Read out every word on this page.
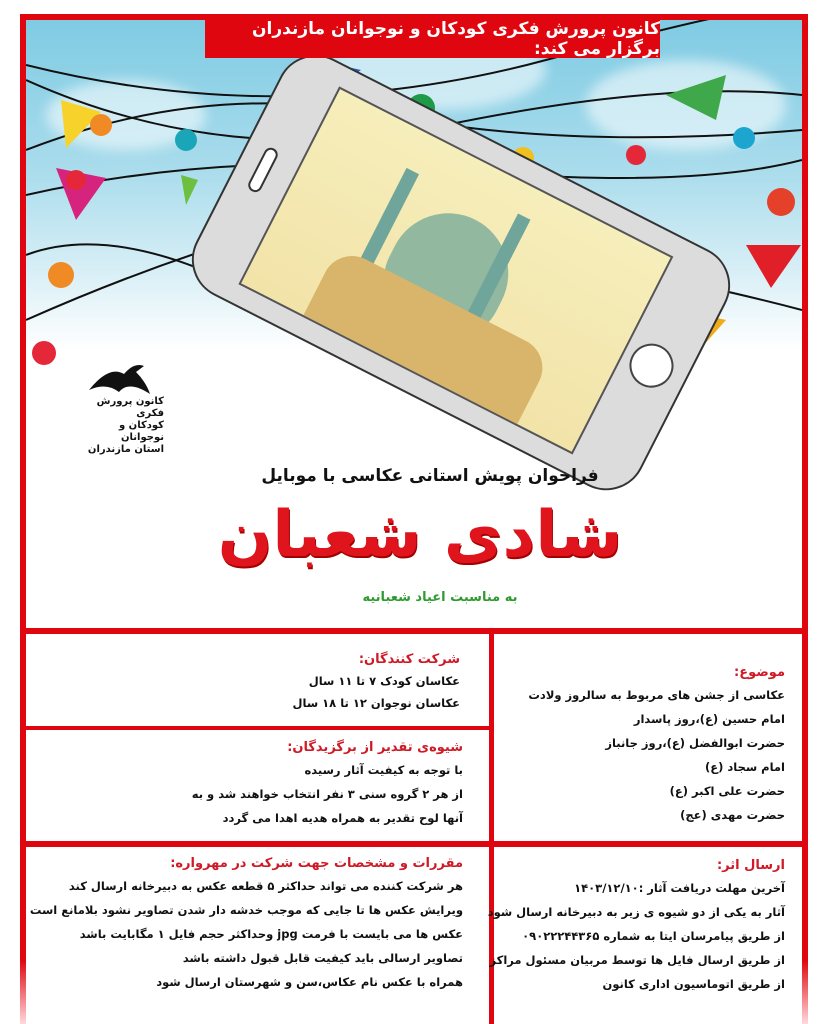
کانون پرورش فکری
کودکان و نوجوانان
استان مازندران
کانون پرورش فکری کودکان و نوجوانان مازندران برگزار می کند:
فراخوان پویش استانی عکاسی با موبایل
شادی شعبان
به مناسبت اعیاد شعبانیه
شرکت کنندگان:

عکاسان کودک ۷ تا ۱۱ سال

عکاسان نوجوان ۱۲ تا ۱۸ سال

موضوع:

عکاسی از جشن های مربوط به سالروز ولادت

امام حسین (ع)،روز پاسدار

حضرت ابوالفضل (ع)،روز جانباز

امام سجاد (ع)

حضرت علی اکبر (ع)

حضرت مهدی (عج)

شیوه‌ی تقدیر از برگزیدگان:

با توجه به کیفیت آثار رسیده

از هر ۲ گروه سنی ۳ نفر انتخاب خواهند شد و به

آنها لوح تقدیر به همراه هدیه اهدا می گردد

مقررات و مشخصات جهت شرکت در مهرواره:

هر شرکت کننده می تواند حداکثر ۵ قطعه عکس به دبیرخانه ارسال کند

ویرایش عکس ها تا جایی که موجب خدشه دار شدن تصاویر نشود بلامانع است

عکس ها می بایست با فرمت jpg وحداکثر حجم فایل ۱ مگابایت باشد

تصاویر ارسالی باید کیفیت قابل قبول داشته باشد

همراه با عکس نام عکاس،سن و شهرستان ارسال شود

ارسال اثر:

آخرین مهلت دریافت آثار :۱۴۰۳/۱۲/۱۰

آثار به یکی از دو شیوه ی زیر به دبیرخانه ارسال شود

از طریق پیامرسان ایتا به شماره ۰۹۰۲۲۲۴۴۳۶۵

از طریق ارسال فایل ها توسط مربیان مسئول مراکز

از طریق اتوماسیون اداری کانون
